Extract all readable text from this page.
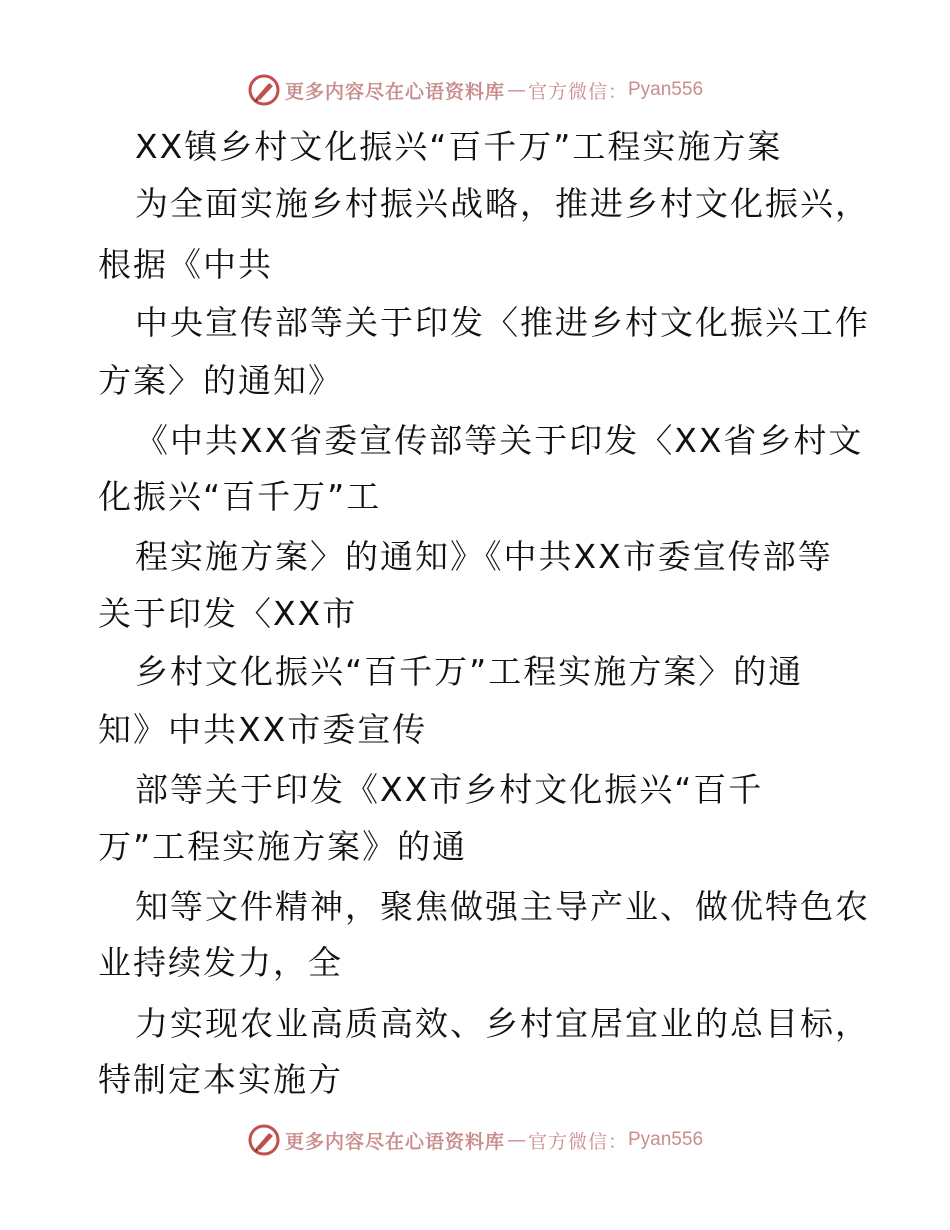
更多内容尽在心语资料库 — 官方微信： Pyan556
XX镇乡村文化振兴“百千万”工程实施方案
为全面实施乡村振兴战略，推进乡村文化振兴，
根据《中共
中央宣传部等关于印发〈推进乡村文化振兴工作
方案〉的通知》
《中共XX省委宣传部等关于印发〈XX省乡村文
化振兴“百千万”工
程实施方案〉的通知》《中共XX市委宣传部等
关于印发〈XX市
乡村文化振兴“百千万”工程实施方案〉的通
知》中共XX市委宣传
部等关于印发《XX市乡村文化振兴“百千
万”工程实施方案》的通
知等文件精神，聚焦做强主导产业、做优特色农
业持续发力，全
力实现农业高质高效、乡村宜居宜业的总目标，
特制定本实施方
更多内容尽在心语资料库 — 官方微信： Pyan556
